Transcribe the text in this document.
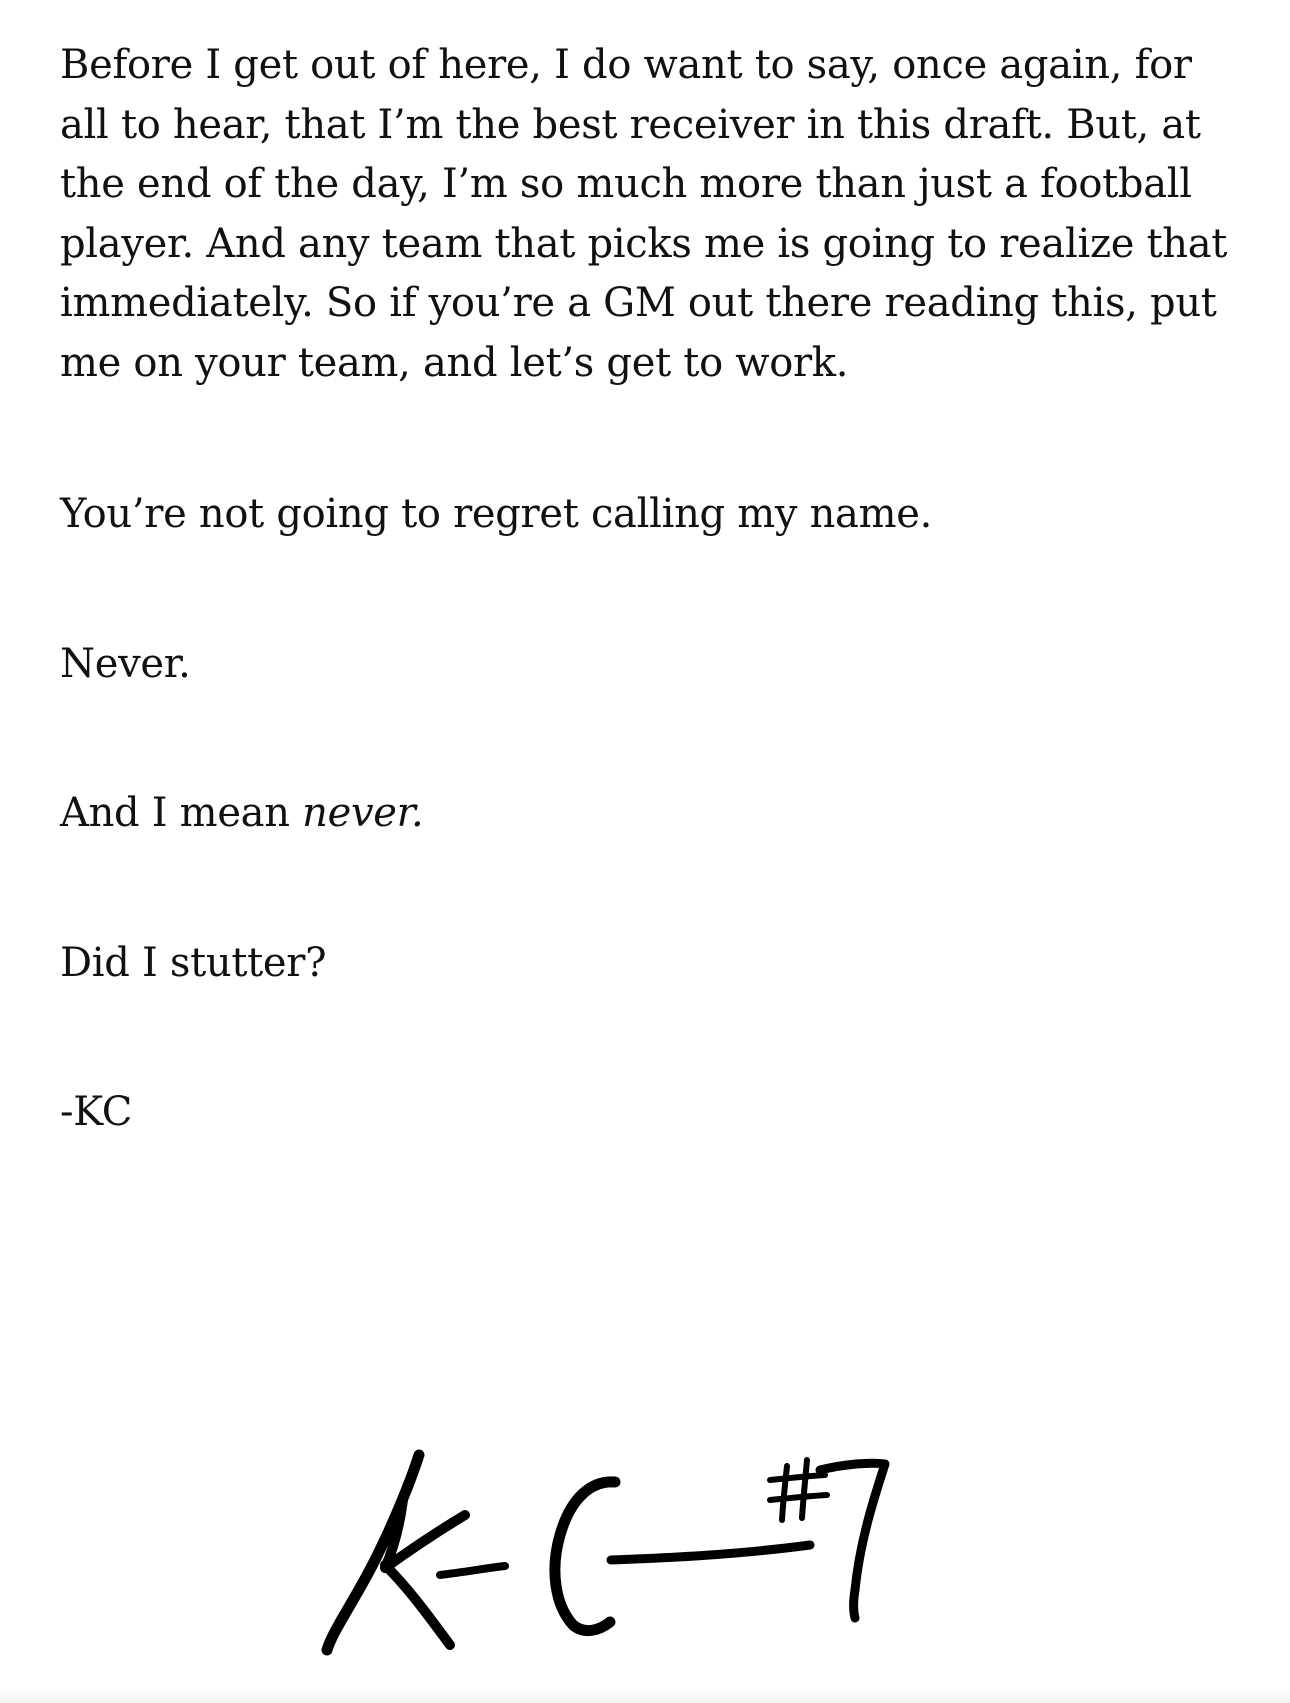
Before I get out of here, I do want to say, once again, for all to hear, that I’m the best receiver in this draft. But, at the end of the day, I’m so much more than just a football player. And any team that picks me is going to realize that immediately. So if you’re a GM out there reading this, put me on your team, and let’s get to work.

You’re not going to regret calling my name.

Never.

And I mean never.

Did I stutter?

-KC
